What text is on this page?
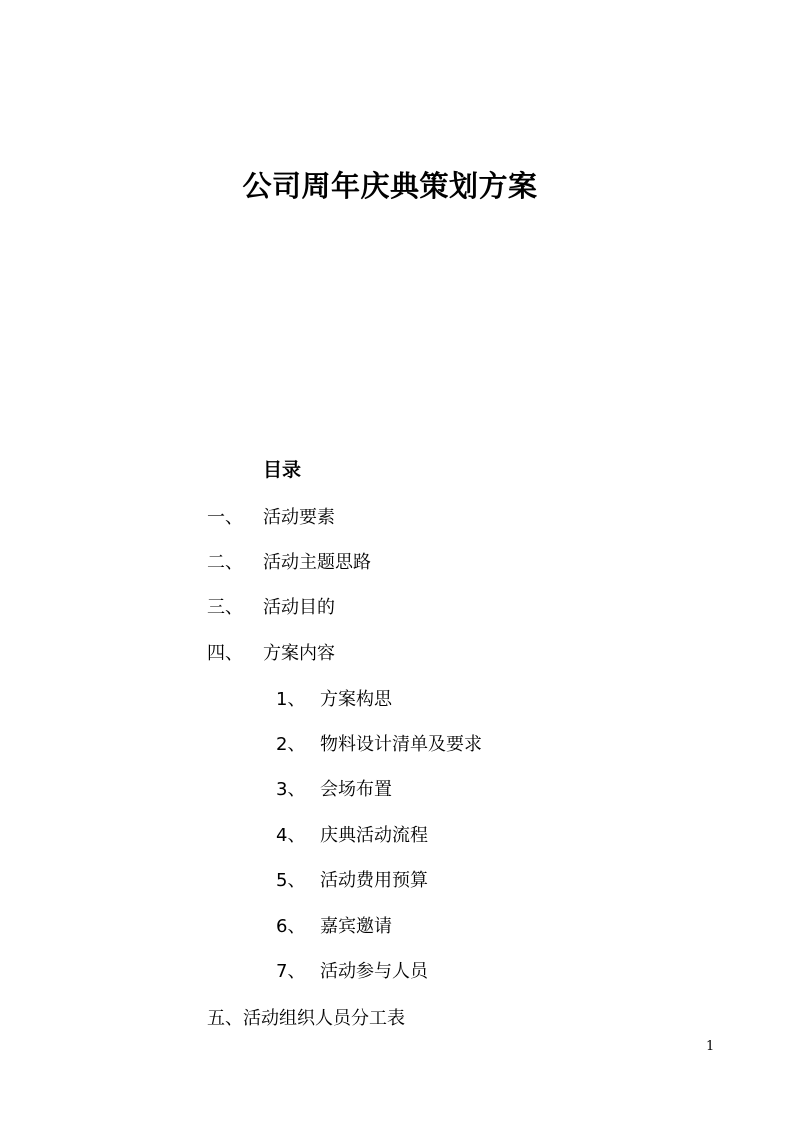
公司周年庆典策划方案
目录
一、 活动要素
二、 活动主题思路
三、 活动目的
四、 方案内容
1、 方案构思
2、 物料设计清单及要求
3、 会场布置
4、 庆典活动流程
5、 活动费用预算
6、 嘉宾邀请
7、 活动参与人员
五、活动组织人员分工表
1
